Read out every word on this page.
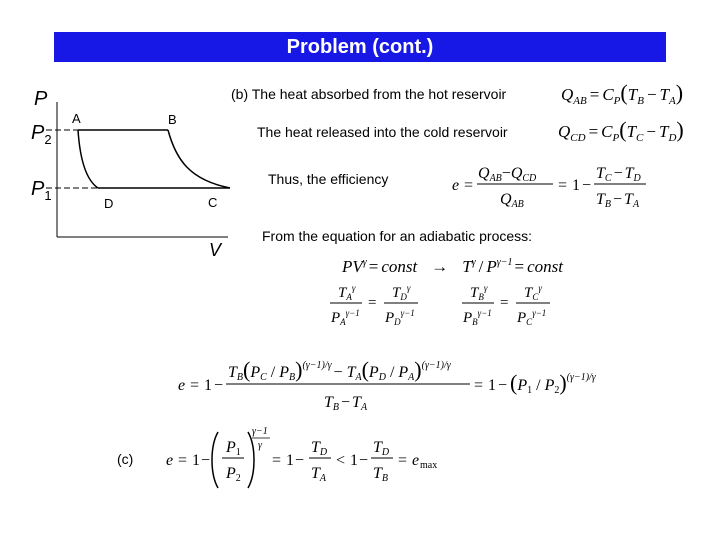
Problem (cont.)
P
$P_2$
$P_1$
A	B
D	C
V
$Q_{AB} = C_P(T_B - T_A)$
$Q_{CD} = C_P(T_C - T_D)$
e =
QAB−QCD
QAB
= 1 −
TC − TD
TB − TA
$PV^\gamma$ = const → $T^\gamma / P^{\gamma-1}$ = const
$T_A^\gamma$
$P_A^{\gamma-1}$
=
$T_D^\gamma$
$P_D^{\gamma-1}$
$T_B^\gamma$
$P_B^{\gamma-1}$
=
$T_C^\gamma$
$P_C^{\gamma-1}$
e = 1 −
TB(PC / PB)$^{(\gamma-1)/\gamma}$ − TA(PD / PA)$^{(\gamma-1)/\gamma}$
TB − TA
= 1 − (P1 / P2)$^{(\gamma-1)/\gamma}$
e = 1 −
P1
P2
γ−1
γ
= 1 −
TD
TA
< 1 −
TD
TB
= e max
(b) The heat absorbed from the hot reservoir
The heat released into the cold reservoir
Thus, the efficiency
From the equation for an adiabatic process:
(c)
